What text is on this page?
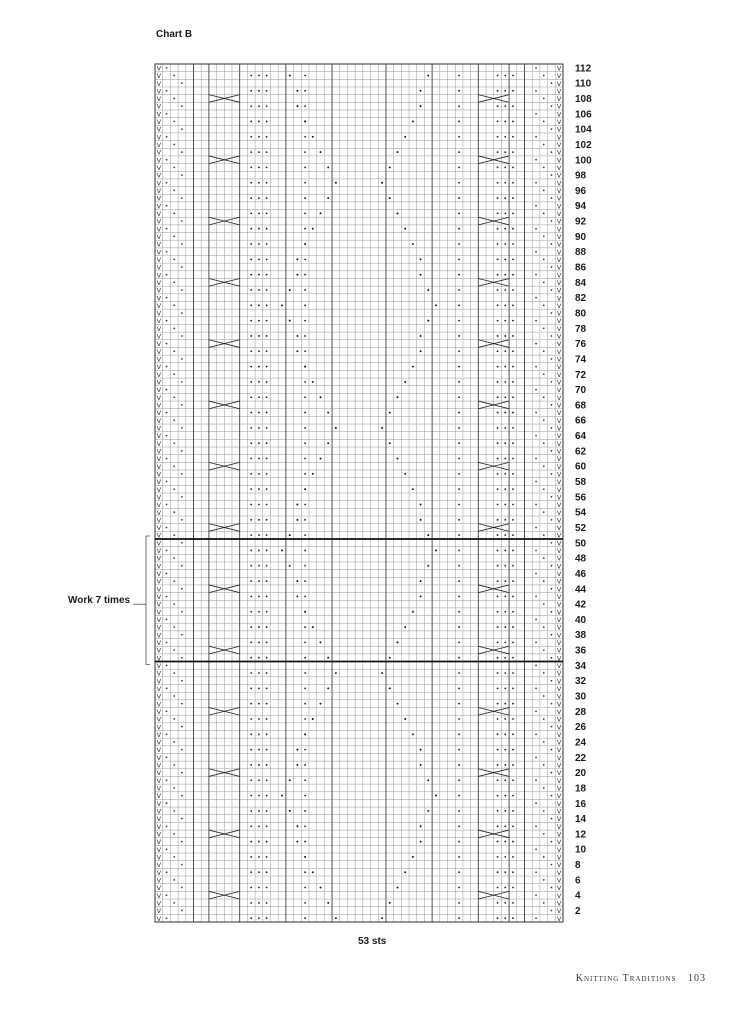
Chart B
V	V
V	V
V	V
V	V
V	V
V	V
V	V
V	V
V	V
V	V
V	V
V	V
V	V
V	V
V	V
V	V
V	V
V	V
V	V
V	V
V	V
V	V
V	V
V	V
V	V
V	V
V	V
V	V
V	V
V	V
V	V
V	V
V	V
V	V
V	V
V	V
V	V
V	V
V	V
V	V
V	V
V	V
V	V
V	V
V	V
V	V
V	V
V	V
V	V
V	V
V	V
V	V
V	V
V	V
V	V
V	V
V	V
V	V
V	V
V	V
V	V
V	V
V	V
V	V
V	V
V	V
V	V
V	V
V	V
V	V
V	V
V	V
V	V
V	V
V	V
V	V
V	V
V	V
V	V
V	V
V	V
V	V
V	V
V	V
V	V
V	V
V	V
V	V
V	V
V	V
V	V
V	V
V	V
V	V
V	V
V	V
V	V
V	V
V	V
V	V
V	V
V	V
V	V
V	V
V	V
V	V
V	V
V	V
V	V
V	V
V	V
V	V
2
4
6
8
10
12
14
16
18
20
22
24
26
28
30
32
34
36
38
40
42
44
46
48
50
52
54
56
58
60
62
64
66
68
70
72
74
76
78
80
82
84
86
88
90
92
94
96
98
100
102
104
106
108
110
112
Work 7 times
53 sts
Knitting Traditions 103
